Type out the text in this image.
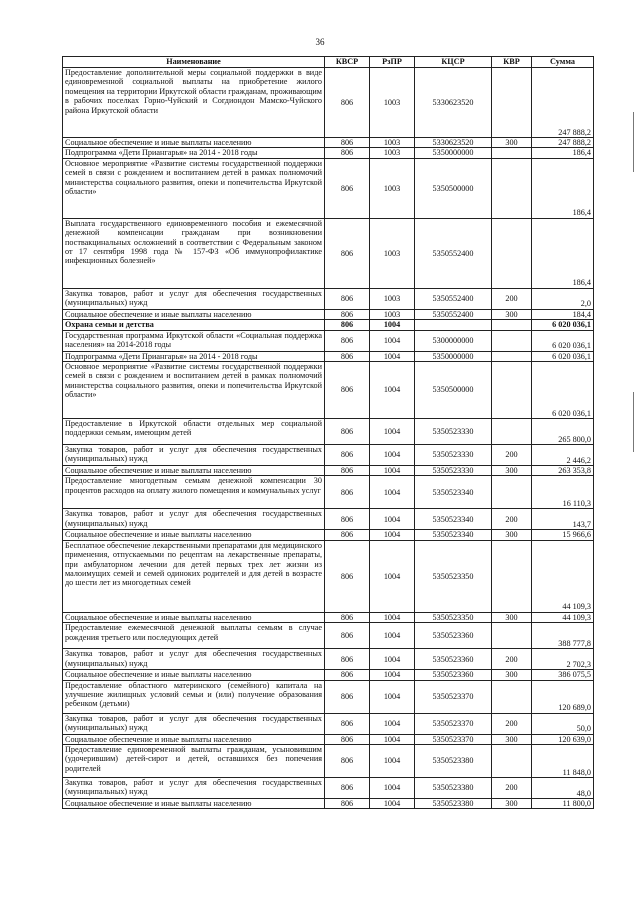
36
Наименование	КВСР	РзПР	КЦСР	КВР	Сумма
Предоставление дополнительной меры социальной поддержки в виде единовременной социальной выплаты на приобретение жилого помещения на территории Иркутской области гражданам, проживающим в рабочих поселках Горно-Чуйский и Согдиондон Мамско-Чуйского района Иркутской области	806	1003	5330623520		247 888,2
Социальное обеспечение и иные выплаты населению	806	1003	5330623520	300	247 888,2
Подпрограмма «Дети Приангарья» на 2014 - 2018 годы	806	1003	5350000000		186,4
Основное мероприятие «Развитие системы государственной поддержки семей в связи с рождением и воспитанием детей в рамках полномочий министерства социального развития, опеки и попечительства Иркутской области»	806	1003	5350500000		186,4
Выплата государственного единовременного пособия и ежемесячной денежной компенсации гражданам при возникновении поствакцинальных осложнений в соответствии с Федеральным законом от 17 сентября 1998 года № 157-ФЗ «Об иммунопрофилактике инфекционных болезней»	806	1003	5350552400		186,4
Закупка товаров, работ и услуг для обеспечения государственных (муниципальных) нужд	806	1003	5350552400	200	2,0
Социальное обеспечение и иные выплаты населению	806	1003	5350552400	300	184,4
Охрана семьи и детства	806	1004			6 020 036,1
Государственная программа Иркутской области «Социальная поддержка населения» на 2014-2018 годы	806	1004	5300000000		6 020 036,1
Подпрограмма «Дети Приангарья» на 2014 - 2018 годы	806	1004	5350000000		6 020 036,1
Основное мероприятие «Развитие системы государственной поддержки семей в связи с рождением и воспитанием детей в рамках полномочий министерства социального развития, опеки и попечительства Иркутской области»	806	1004	5350500000		6 020 036,1
Предоставление в Иркутской области отдельных мер социальной поддержки семьям, имеющим детей	806	1004	5350523330		265 800,0
Закупка товаров, работ и услуг для обеспечения государственных (муниципальных) нужд	806	1004	5350523330	200	2 446,2
Социальное обеспечение и иные выплаты населению	806	1004	5350523330	300	263 353,8
Предоставление многодетным семьям денежной компенсации 30 процентов расходов на оплату жилого помещения и коммунальных услуг	806	1004	5350523340		16 110,3
Закупка товаров, работ и услуг для обеспечения государственных (муниципальных) нужд	806	1004	5350523340	200	143,7
Социальное обеспечение и иные выплаты населению	806	1004	5350523340	300	15 966,6
Бесплатное обеспечение лекарственными препаратами для медицинского применения, отпускаемыми по рецептам на лекарственные препараты, при амбулаторном лечении для детей первых трех лет жизни из малоимущих семей и семей одиноких родителей и для детей в возрасте до шести лет из многодетных семей	806	1004	5350523350		44 109,3
Социальное обеспечение и иные выплаты населению	806	1004	5350523350	300	44 109,3
Предоставление ежемесячной денежной выплаты семьям в случае рождения третьего или последующих детей	806	1004	5350523360		388 777,8
Закупка товаров, работ и услуг для обеспечения государственных (муниципальных) нужд	806	1004	5350523360	200	2 702,3
Социальное обеспечение и иные выплаты населению	806	1004	5350523360	300	386 075,5
Предоставление областного материнского (семейного) капитала на улучшение жилищных условий семьи и (или) получение образования ребенком (детьми)	806	1004	5350523370		120 689,0
Закупка товаров, работ и услуг для обеспечения государственных (муниципальных) нужд	806	1004	5350523370	200	50,0
Социальное обеспечение и иные выплаты населению	806	1004	5350523370	300	120 639,0
Предоставление единовременной выплаты гражданам, усыновившим (удочерившим) детей-сирот и детей, оставшихся без попечения родителей	806	1004	5350523380		11 848,0
Закупка товаров, работ и услуг для обеспечения государственных (муниципальных) нужд	806	1004	5350523380	200	48,0
Социальное обеспечение и иные выплаты населению	806	1004	5350523380	300	11 800,0
